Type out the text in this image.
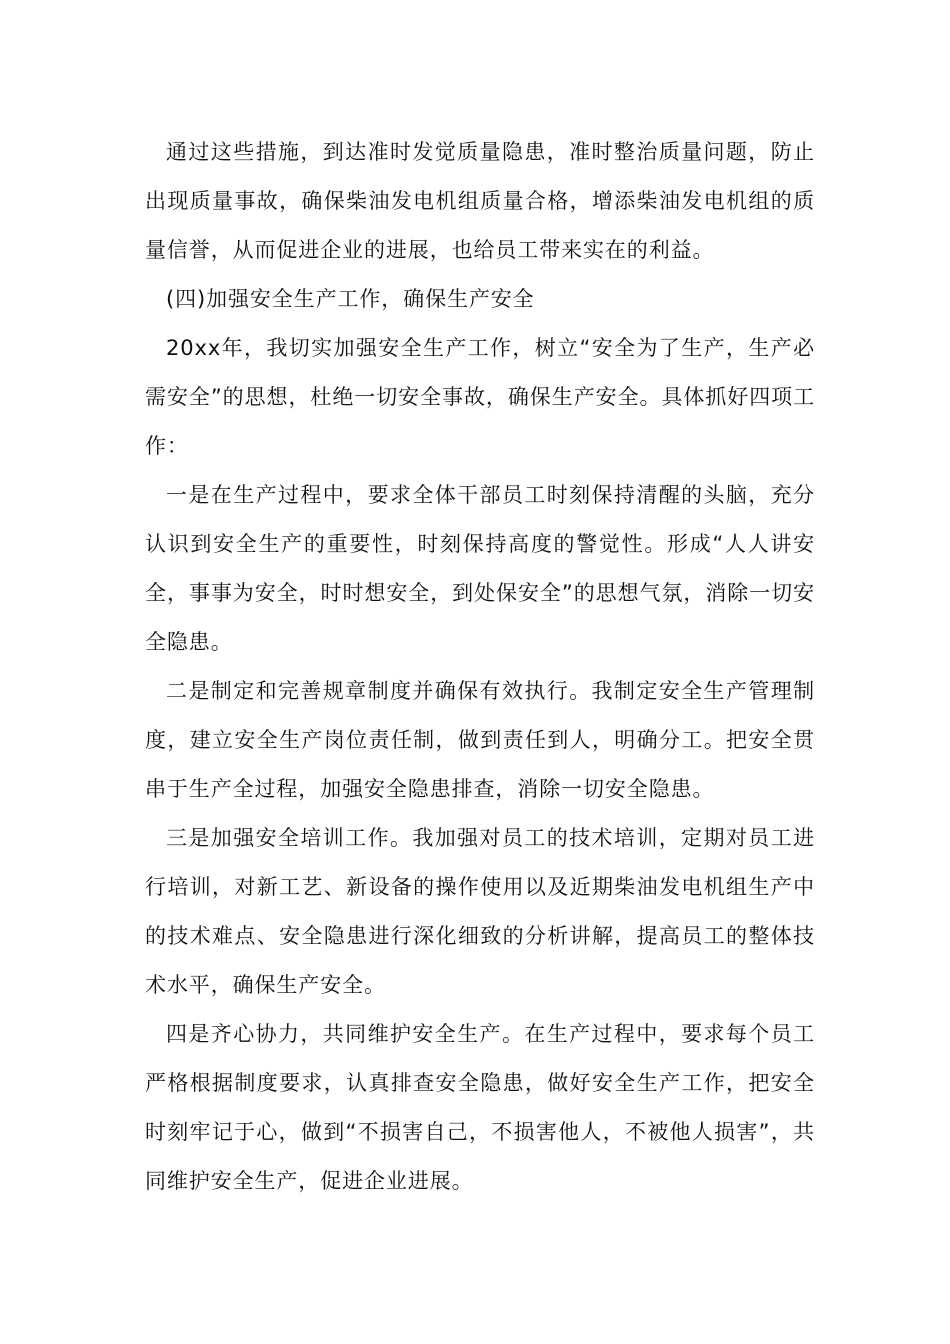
通过这些措施，到达准时发觉质量隐患，准时整治质量问题，防止出现质量事故，确保柴油发电机组质量合格，增添柴油发电机组的质量信誉，从而促进企业的进展，也给员工带来实在的利益。

(四)加强安全生产工作，确保生产安全

20xx年，我切实加强安全生产工作，树立“安全为了生产，生产必需安全”的思想，杜绝一切安全事故，确保生产安全。具体抓好四项工作：

一是在生产过程中，要求全体干部员工时刻保持清醒的头脑，充分认识到安全生产的重要性，时刻保持高度的警觉性。形成“人人讲安全，事事为安全，时时想安全，到处保安全”的思想气氛，消除一切安全隐患。

二是制定和完善规章制度并确保有效执行。我制定安全生产管理制度，建立安全生产岗位责任制，做到责任到人，明确分工。把安全贯串于生产全过程，加强安全隐患排查，消除一切安全隐患。

三是加强安全培训工作。我加强对员工的技术培训，定期对员工进行培训，对新工艺、新设备的操作使用以及近期柴油发电机组生产中的技术难点、安全隐患进行深化细致的分析讲解，提高员工的整体技术水平，确保生产安全。

四是齐心协力，共同维护安全生产。在生产过程中，要求每个员工严格根据制度要求，认真排查安全隐患，做好安全生产工作，把安全时刻牢记于心，做到“不损害自己，不损害他人，不被他人损害”，共同维护安全生产，促进企业进展。
